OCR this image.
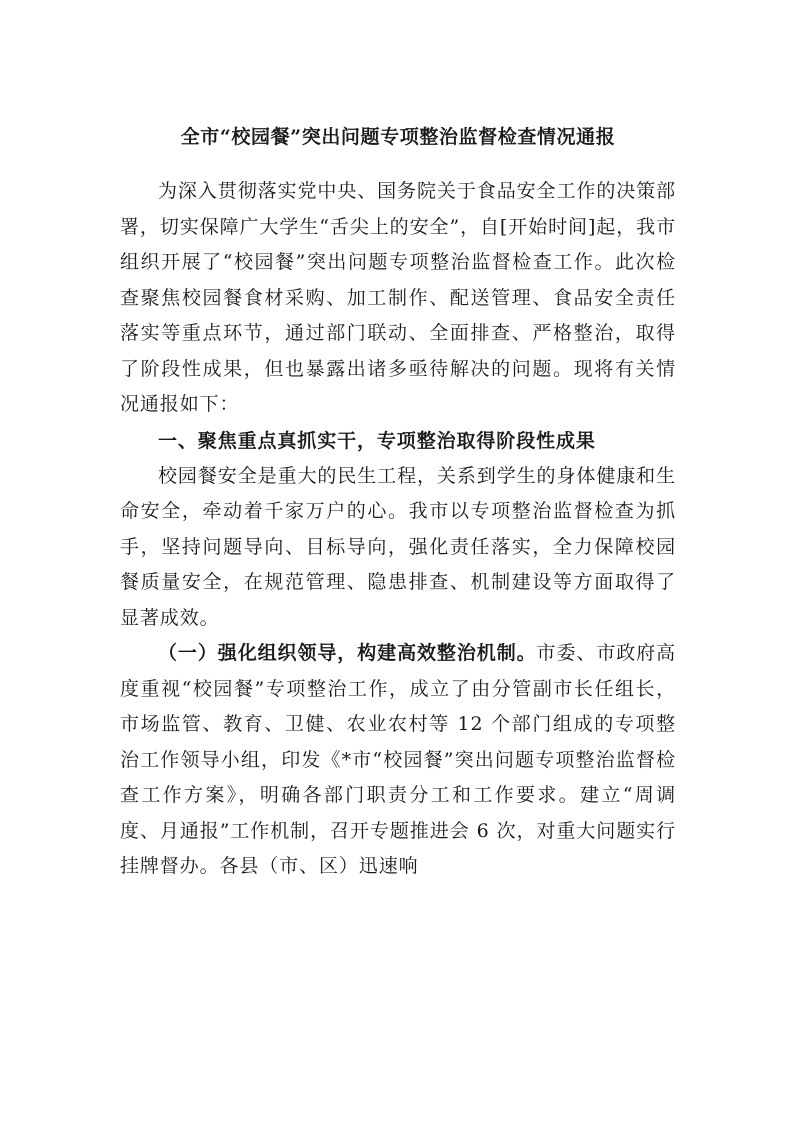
全市“校园餐”突出问题专项整治监督检查情况通报

为深入贯彻落实党中央、国务院关于食品安全工作的决策部署，切实保障广大学生“舌尖上的安全”，自[开始时间]起，我市组织开展了“校园餐”突出问题专项整治监督检查工作。此次检查聚焦校园餐食材采购、加工制作、配送管理、食品安全责任落实等重点环节，通过部门联动、全面排查、严格整治，取得了阶段性成果，但也暴露出诸多亟待解决的问题。现将有关情况通报如下：

一、聚焦重点真抓实干，专项整治取得阶段性成果

校园餐安全是重大的民生工程，关系到学生的身体健康和生命安全，牵动着千家万户的心。我市以专项整治监督检查为抓手，坚持问题导向、目标导向，强化责任落实，全力保障校园餐质量安全，在规范管理、隐患排查、机制建设等方面取得了显著成效。

（一）强化组织领导，构建高效整治机制。市委、市政府高度重视“校园餐”专项整治工作，成立了由分管副市长任组长，市场监管、教育、卫健、农业农村等 12 个部门组成的专项整治工作领导小组，印发《*市“校园餐”突出问题专项整治监督检查工作方案》，明确各部门职责分工和工作要求。建立“周调度、月通报”工作机制，召开专题推进会 6 次，对重大问题实行挂牌督办。各县（市、区）迅速响
